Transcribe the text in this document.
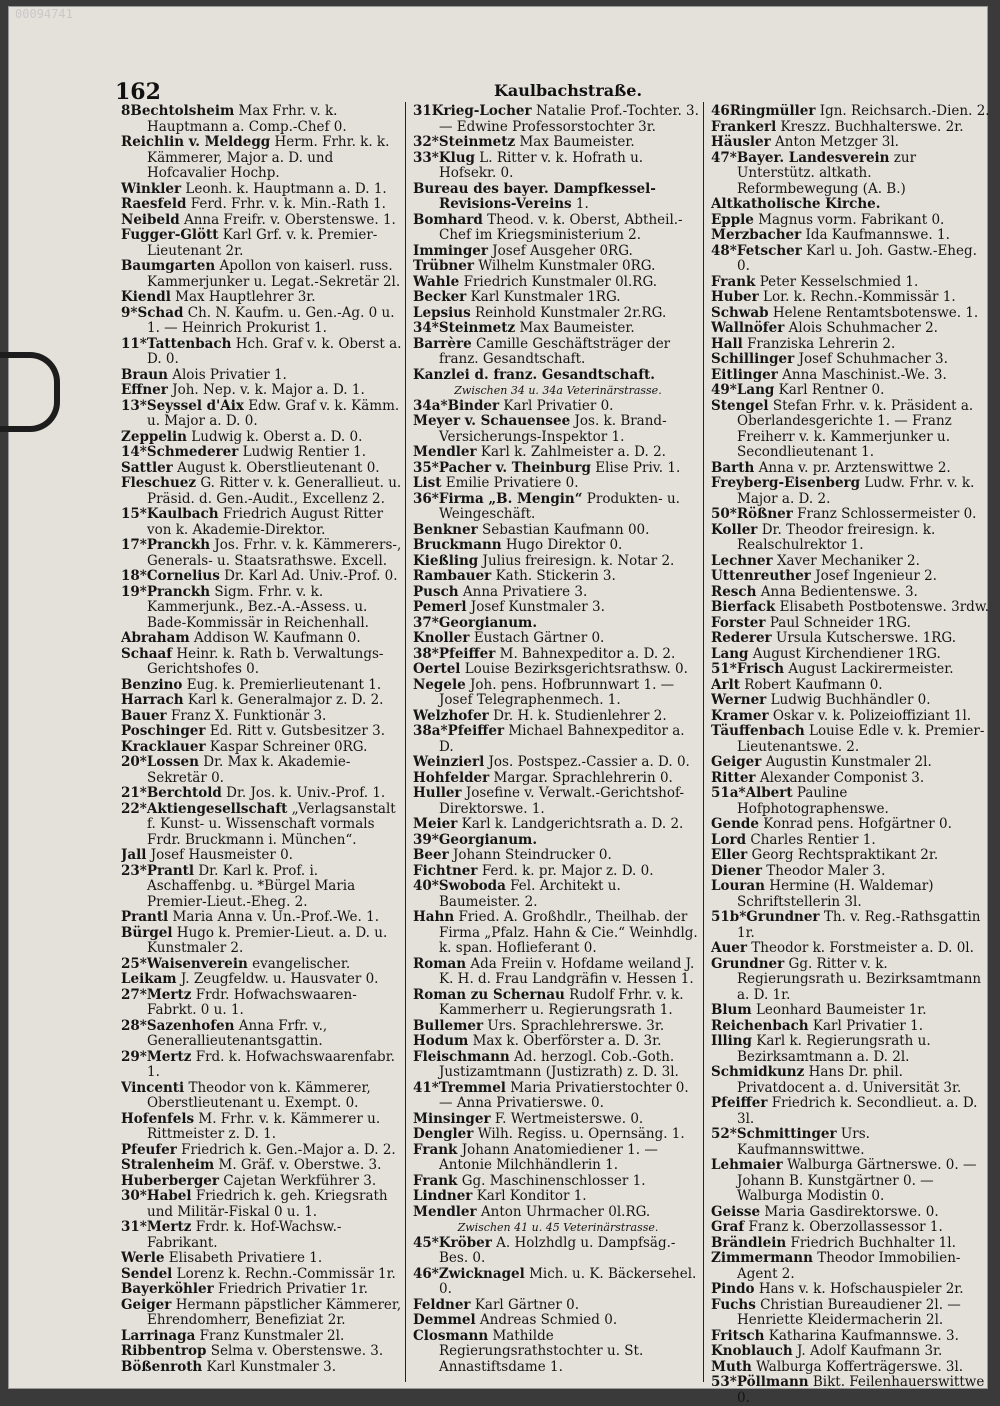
00094741
162	Kaulbachstraße.
8Bechtolsheim Max Frhr. v. k. Hauptmann a. Comp.-Chef 0.
Reichlin v. Meldegg Herm. Frhr. k. k. Kämmerer, Major a. D. und Hofcavalier Hochp.
Winkler Leonh. k. Hauptmann a. D. 1.
Raesfeld Ferd. Frhr. v. k. Min.-Rath 1.
Neibeld Anna Freifr. v. Oberstenswe. 1.
Fugger-Glött Karl Grf. v. k. Premier-Lieutenant 2r.
Baumgarten Apollon von kaiserl. russ. Kammerjunker u. Legat.-Sekretär 2l.
Kiendl Max Hauptlehrer 3r.
9*Schad Ch. N. Kaufm. u. Gen.-Ag. 0 u. 1. — Heinrich Prokurist 1.
11*Tattenbach Hch. Graf v. k. Oberst a. D. 0.
Braun Alois Privatier 1.
Effner Joh. Nep. v. k. Major a. D. 1.
13*Seyssel d'Aix Edw. Graf v. k. Kämm. u. Major a. D. 0.
Zeppelin Ludwig k. Oberst a. D. 0.
14*Schmederer Ludwig Rentier 1.
Sattler August k. Oberstlieutenant 0.
Fleschuez G. Ritter v. k. Generallieut. u. Präsid. d. Gen.-Audit., Excellenz 2.
15*Kaulbach Friedrich August Ritter von k. Akademie-Direktor.
17*Pranckh Jos. Frhr. v. k. Kämmerers-, Generals- u. Staatsrathswe. Excell.
18*Cornelius Dr. Karl Ad. Univ.-Prof. 0.
19*Pranckh Sigm. Frhr. v. k. Kammerjunk., Bez.-A.-Assess. u. Bade-Kommissär in Reichenhall.
Abraham Addison W. Kaufmann 0.
Schaaf Heinr. k. Rath b. Verwaltungs-Gerichtshofes 0.
Benzino Eug. k. Premierlieutenant 1.
Harrach Karl k. Generalmajor z. D. 2.
Bauer Franz X. Funktionär 3.
Poschinger Ed. Ritt v. Gutsbesitzer 3.
Kracklauer Kaspar Schreiner 0RG.
20*Lossen Dr. Max k. Akademie-Sekretär 0.
21*Berchtold Dr. Jos. k. Univ.-Prof. 1.
22*Aktiengesellschaft „Verlagsanstalt f. Kunst- u. Wissenschaft vormals Frdr. Bruckmann i. München“.
Jall Josef Hausmeister 0.
23*Prantl Dr. Karl k. Prof. i. Aschaffenbg. u. *Bürgel Maria Premier-Lieut.-Eheg. 2.
Prantl Maria Anna v. Un.-Prof.-We. 1.
Bürgel Hugo k. Premier-Lieut. a. D. u. Kunstmaler 2.
25*Waisenverein evangelischer.
Leikam J. Zeugfeldw. u. Hausvater 0.
27*Mertz Frdr. Hofwachswaaren-Fabrkt. 0 u. 1.
28*Sazenhofen Anna Frfr. v., Generallieutenantsgattin.
29*Mertz Frd. k. Hofwachswaarenfabr. 1.
Vincenti Theodor von k. Kämmerer, Oberstlieutenant u. Exempt. 0.
Hofenfels M. Frhr. v. k. Kämmerer u. Rittmeister z. D. 1.
Pfeufer Friedrich k. Gen.-Major a. D. 2.
Stralenheim M. Gräf. v. Oberstwe. 3.
Huberberger Cajetan Werkführer 3.
30*Habel Friedrich k. geh. Kriegsrath und Militär-Fiskal 0 u. 1.
31*Mertz Frdr. k. Hof-Wachsw.-Fabrikant.
Werle Elisabeth Privatiere 1.
Sendel Lorenz k. Rechn.-Commissär 1r.
Bayerköhler Friedrich Privatier 1r.
Geiger Hermann päpstlicher Kämmerer, Ehrendomherr, Benefiziat 2r.
Larrinaga Franz Kunstmaler 2l.
Ribbentrop Selma v. Oberstenswe. 3.
Bößenroth Karl Kunstmaler 3.
31Krieg-Locher Natalie Prof.-Tochter. 3. — Edwine Professorstochter 3r.
32*Steinmetz Max Baumeister.
33*Klug L. Ritter v. k. Hofrath u. Hofsekr. 0.
Bureau des bayer. Dampfkessel-Revisions-Vereins 1.
Bomhard Theod. v. k. Oberst, Abtheil.-Chef im Kriegsministerium 2.
Imminger Josef Ausgeher 0RG.
Trübner Wilhelm Kunstmaler 0RG.
Wahle Friedrich Kunstmaler 0l.RG.
Becker Karl Kunstmaler 1RG.
Lepsius Reinhold Kunstmaler 2r.RG.
34*Steinmetz Max Baumeister.
Barrère Camille Geschäftsträger der franz. Gesandtschaft.
Kanzlei d. franz. Gesandtschaft.
Zwischen 34 u. 34a Veterinärstrasse.
34a*Binder Karl Privatier 0.
Meyer v. Schauensee Jos. k. Brand-Versicherungs-Inspektor 1.
Mendler Karl k. Zahlmeister a. D. 2.
35*Pacher v. Theinburg Elise Priv. 1.
List Emilie Privatiere 0.
36*Firma „B. Mengin“ Produkten- u. Weingeschäft.
Benkner Sebastian Kaufmann 00.
Bruckmann Hugo Direktor 0.
Kießling Julius freiresign. k. Notar 2.
Rambauer Kath. Stickerin 3.
Pusch Anna Privatiere 3.
Pemerl Josef Kunstmaler 3.
37*Georgianum.
Knoller Eustach Gärtner 0.
38*Pfeiffer M. Bahnexpeditor a. D. 2.
Oertel Louise Bezirksgerichtsrathsw. 0.
Negele Joh. pens. Hofbrunnwart 1. — Josef Telegraphenmech. 1.
Welzhofer Dr. H. k. Studienlehrer 2.
38a*Pfeiffer Michael Bahnexpeditor a. D.
Weinzierl Jos. Postspez.-Cassier a. D. 0.
Hohfelder Margar. Sprachlehrerin 0.
Huller Josefine v. Verwalt.-Gerichtshof-Direktorswe. 1.
Meier Karl k. Landgerichtsrath a. D. 2.
39*Georgianum.
Beer Johann Steindrucker 0.
Fichtner Ferd. k. pr. Major z. D. 0.
40*Swoboda Fel. Architekt u. Baumeister. 2.
Hahn Fried. A. Großhdlr., Theilhab. der Firma „Pfalz. Hahn & Cie.“ Weinhdlg. k. span. Hoflieferant 0.
Roman Ada Freiin v. Hofdame weiland J. K. H. d. Frau Landgräfin v. Hessen 1.
Roman zu Schernau Rudolf Frhr. v. k. Kammerherr u. Regierungsrath 1.
Bullemer Urs. Sprachlehrerswe. 3r.
Hodum Max k. Oberförster a. D. 3r.
Fleischmann Ad. herzogl. Cob.-Goth. Justizamtmann (Justizrath) z. D. 3l.
41*Tremmel Maria Privatierstochter 0. — Anna Privatierswe. 0.
Minsinger F. Wertmeisterswe. 0.
Dengler Wilh. Regiss. u. Opernsäng. 1.
Frank Johann Anatomiediener 1. — Antonie Milchhändlerin 1.
Frank Gg. Maschinenschlosser 1.
Lindner Karl Konditor 1.
Mendler Anton Uhrmacher 0l.RG.
Zwischen 41 u. 45 Veterinärstrasse.
45*Kröber A. Holzhdlg u. Dampfsäg.-Bes. 0.
46*Zwicknagel Mich. u. K. Bäckersehel. 0.
Feldner Karl Gärtner 0.
Demmel Andreas Schmied 0.
Closmann Mathilde Regierungsrathstochter u. St. Annastiftsdame 1.
46Ringmüller Ign. Reichsarch.-Dien. 2.
Frankerl Kreszz. Buchhalterswe. 2r.
Häusler Anton Metzger 3l.
47*Bayer. Landesverein zur Unterstütz. altkath. Reformbewegung (A. B.)
Altkatholische Kirche.
Epple Magnus vorm. Fabrikant 0.
Merzbacher Ida Kaufmannswe. 1.
48*Fetscher Karl u. Joh. Gastw.-Eheg. 0.
Frank Peter Kesselschmied 1.
Huber Lor. k. Rechn.-Kommissär 1.
Schwab Helene Rentamtsbotenswe. 1.
Wallnöfer Alois Schuhmacher 2.
Hall Franziska Lehrerin 2.
Schillinger Josef Schuhmacher 3.
Eitlinger Anna Maschinist.-We. 3.
49*Lang Karl Rentner 0.
Stengel Stefan Frhr. v. k. Präsident a. Oberlandesgerichte 1. — Franz Freiherr v. k. Kammerjunker u. Secondlieutenant 1.
Barth Anna v. pr. Arztenswittwe 2.
Freyberg-Eisenberg Ludw. Frhr. v. k. Major a. D. 2.
50*Rößner Franz Schlossermeister 0.
Koller Dr. Theodor freiresign. k. Realschulrektor 1.
Lechner Xaver Mechaniker 2.
Uttenreuther Josef Ingenieur 2.
Resch Anna Bedientenswe. 3.
Bierfack Elisabeth Postbotenswe. 3rdw.
Forster Paul Schneider 1RG.
Rederer Ursula Kutscherswe. 1RG.
Lang August Kirchendiener 1RG.
51*Frisch August Lackirermeister.
Arlt Robert Kaufmann 0.
Werner Ludwig Buchhändler 0.
Kramer Oskar v. k. Polizeioffiziant 1l.
Täuffenbach Louise Edle v. k. Premier-Lieutenantswe. 2.
Geiger Augustin Kunstmaler 2l.
Ritter Alexander Componist 3.
51a*Albert Pauline Hofphotographenswe.
Gende Konrad pens. Hofgärtner 0.
Lord Charles Rentier 1.
Eller Georg Rechtspraktikant 2r.
Diener Theodor Maler 3.
Louran Hermine (H. Waldemar) Schriftstellerin 3l.
51b*Grundner Th. v. Reg.-Rathsgattin 1r.
Auer Theodor k. Forstmeister a. D. 0l.
Grundner Gg. Ritter v. k. Regierungsrath u. Bezirksamtmann a. D. 1r.
Blum Leonhard Baumeister 1r.
Reichenbach Karl Privatier 1.
Illing Karl k. Regierungsrath u. Bezirksamtmann a. D. 2l.
Schmidkunz Hans Dr. phil. Privatdocent a. d. Universität 3r.
Pfeiffer Friedrich k. Secondlieut. a. D. 3l.
52*Schmittinger Urs. Kaufmannswittwe.
Lehmaier Walburga Gärtnerswe. 0. — Johann B. Kunstgärtner 0. — Walburga Modistin 0.
Geisse Maria Gasdirektorswe. 0.
Graf Franz k. Oberzollassessor 1.
Brändlein Friedrich Buchhalter 1l.
Zimmermann Theodor Immobilien-Agent 2.
Pindo Hans v. k. Hofschauspieler 2r.
Fuchs Christian Bureaudiener 2l. — Henriette Kleidermacherin 2l.
Fritsch Katharina Kaufmannswe. 3.
Knoblauch J. Adolf Kaufmann 3r.
Muth Walburga Kofferträgerswe. 3l.
53*Pöllmann Bikt. Feilenhauerswittwe 0.
